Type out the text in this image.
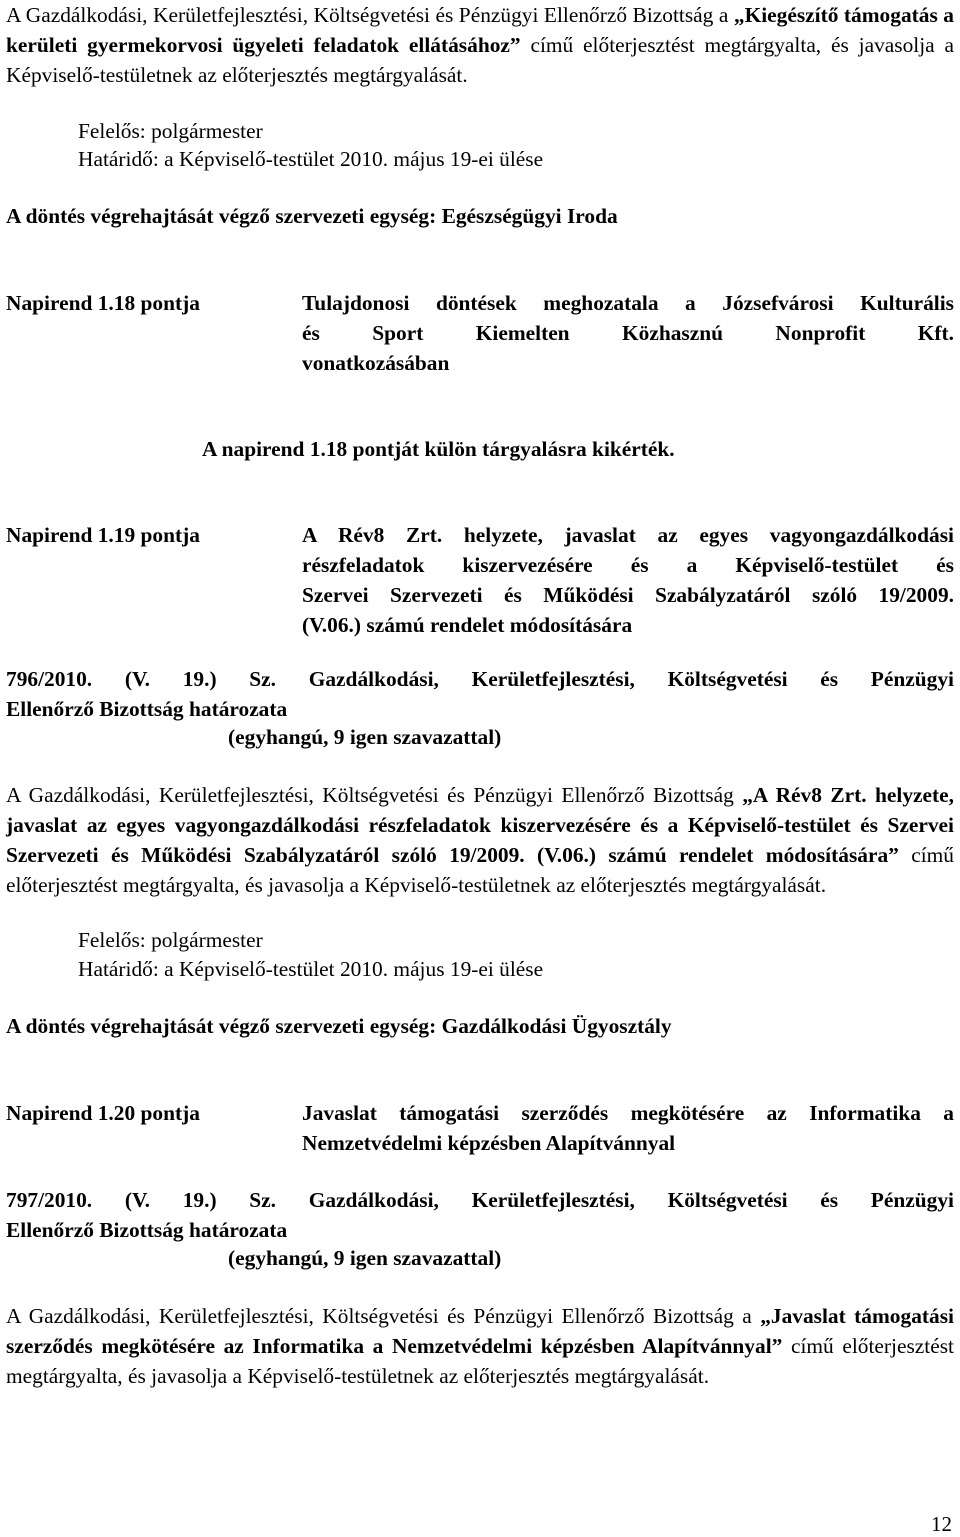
A Gazdálkodási, Kerületfejlesztési, Költségvetési és Pénzügyi Ellenőrző Bizottság a „Kiegészítő támogatás a kerületi gyermekorvosi ügyeleti feladatok ellátásához” című előterjesztést megtárgyalta, és javasolja a Képviselő-testületnek az előterjesztés megtárgyalását.
Felelős: polgármester
Határidő: a Képviselő-testület 2010. május 19-ei ülése
A döntés végrehajtását végző szervezeti egység: Egészségügyi Iroda
Napirend 1.18 pontja	Tulajdonosi döntések meghozatala a Józsefvárosi Kulturális
és Sport Kiemelten Közhasznú Nonprofit Kft.
vonatkozásában
A napirend 1.18 pontját külön tárgyalásra kikérték.
Napirend 1.19 pontja	A Rév8 Zrt. helyzete, javaslat az egyes vagyongazdálkodási
részfeladatok kiszervezésére és a Képviselő-testület és
Szervei Szervezeti és Működési Szabályzatáról szóló 19/2009.
(V.06.) számú rendelet módosítására
796/2010. (V. 19.) Sz. Gazdálkodási, Kerületfejlesztési, Költségvetési és Pénzügyi
Ellenőrző Bizottság határozata
(egyhangú, 9 igen szavazattal)
A Gazdálkodási, Kerületfejlesztési, Költségvetési és Pénzügyi Ellenőrző Bizottság „A Rév8 Zrt. helyzete, javaslat az egyes vagyongazdálkodási részfeladatok kiszervezésére és a Képviselő-testület és Szervei Szervezeti és Működési Szabályzatáról szóló 19/2009. (V.06.) számú rendelet módosítására” című előterjesztést megtárgyalta, és javasolja a Képviselő-testületnek az előterjesztés megtárgyalását.
Felelős: polgármester
Határidő: a Képviselő-testület 2010. május 19-ei ülése
A döntés végrehajtását végző szervezeti egység: Gazdálkodási Ügyosztály
Napirend 1.20 pontja	Javaslat támogatási szerződés megkötésére az Informatika a
Nemzetvédelmi képzésben Alapítvánnyal
797/2010. (V. 19.) Sz. Gazdálkodási, Kerületfejlesztési, Költségvetési és Pénzügyi
Ellenőrző Bizottság határozata
(egyhangú, 9 igen szavazattal)
A Gazdálkodási, Kerületfejlesztési, Költségvetési és Pénzügyi Ellenőrző Bizottság a „Javaslat támogatási szerződés megkötésére az Informatika a Nemzetvédelmi képzésben Alapítvánnyal” című előterjesztést megtárgyalta, és javasolja a Képviselő-testületnek az előterjesztés megtárgyalását.
12
